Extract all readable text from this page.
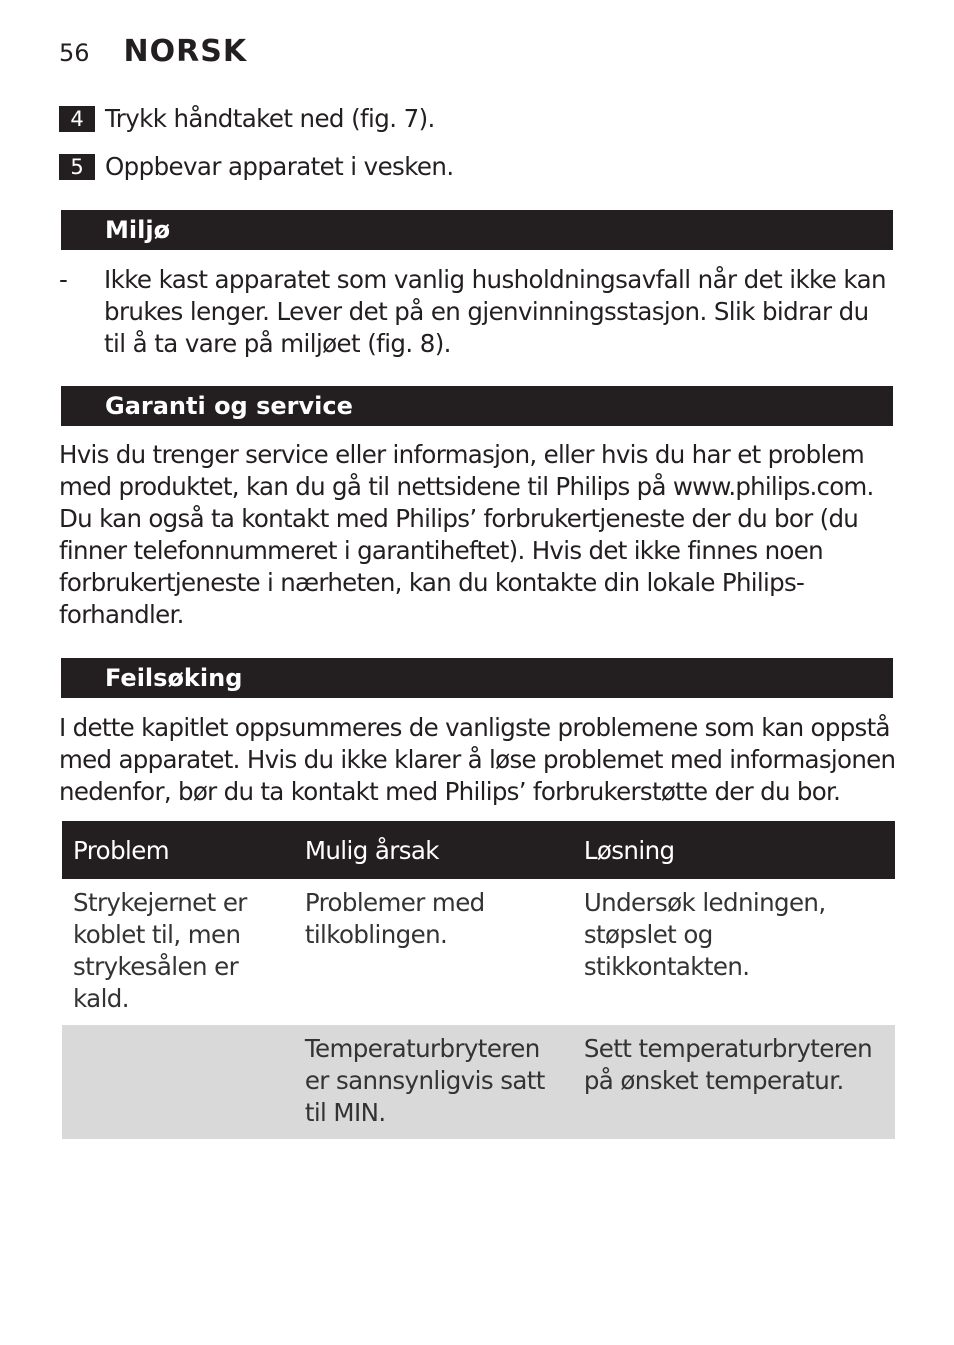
56 NORSK
4 Trykk håndtaket ned (fig. 7).
5 Oppbevar apparatet i vesken.
Miljø
- Ikke kast apparatet som vanlig husholdningsavfall når det ikke kan brukes lenger. Lever det på en gjenvinningsstasjon. Slik bidrar du til å ta vare på miljøet (fig. 8).

Garanti og service

Hvis du trenger service eller informasjon, eller hvis du har et problem med produktet, kan du gå til nettsidene til Philips på www.philips.com. Du kan også ta kontakt med Philips’ forbrukertjeneste der du bor (du finner telefonnummeret i garantiheftet). Hvis det ikke finnes noen forbrukertjeneste i nærheten, kan du kontakte din lokale Philips-forhandler.

Feilsøking

I dette kapitlet oppsummeres de vanligste problemene som kan oppstå med apparatet. Hvis du ikke klarer å løse problemet med informasjonen nedenfor, bør du ta kontakt med Philips’ forbrukerstøtte der du bor.

Problem	Mulig årsak	Løsning
Strykejernet er koblet til, men strykesålen er kald.	Problemer med tilkoblingen.	Undersøk ledningen, støpslet og stikkontakten.
	Temperaturbryteren er sannsynligvis satt til MIN.	Sett temperaturbryteren på ønsket temperatur.
